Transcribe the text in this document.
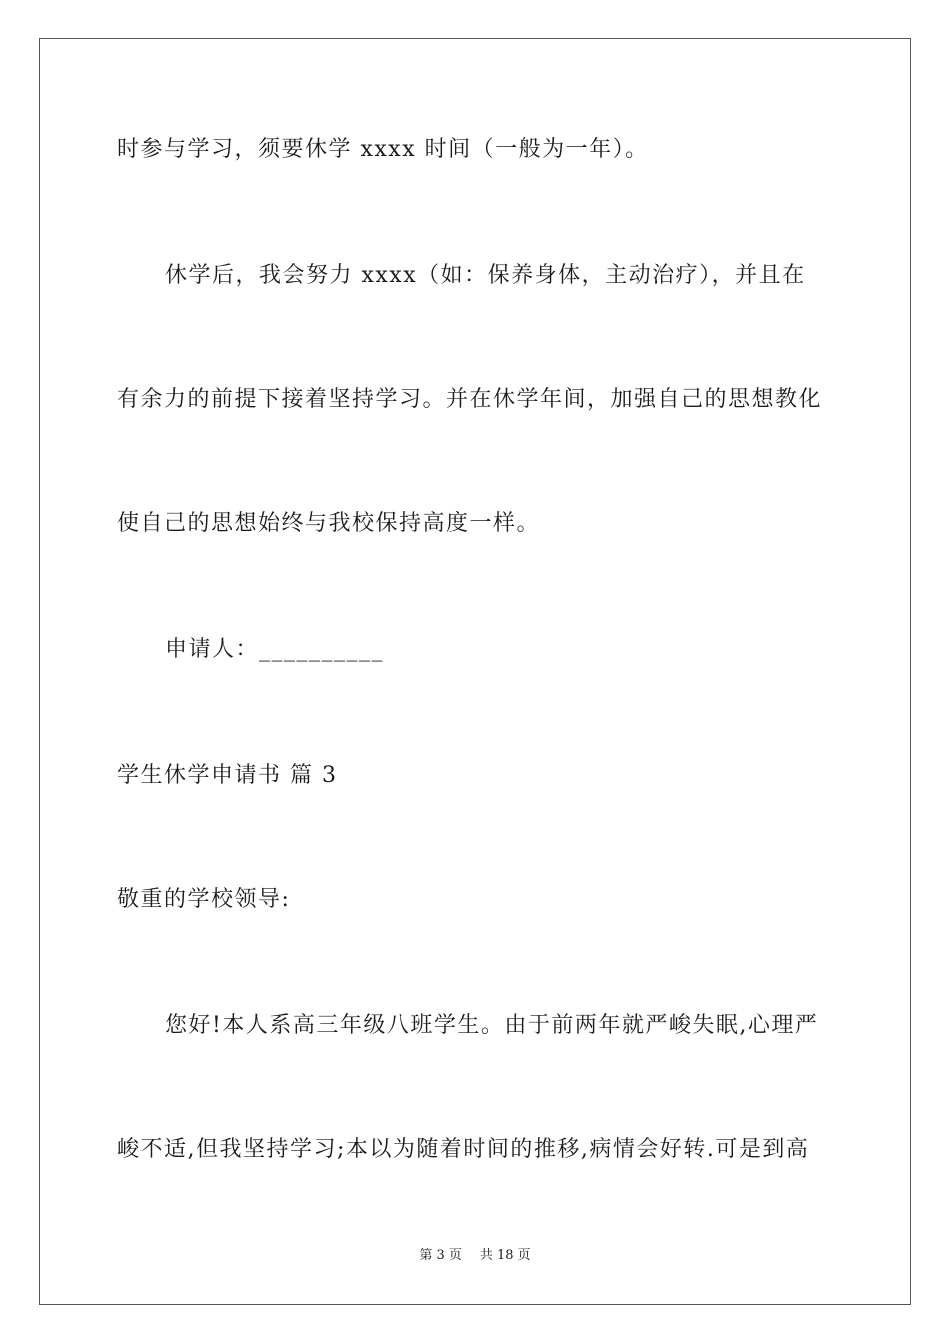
时参与学习，须要休学 xxxx 时间（一般为一年）。
休学后，我会努力 xxxx（如：保养身体，主动治疗），并且在
有余力的前提下接着坚持学习。并在休学年间，加强自己的思想教化
使自己的思想始终与我校保持高度一样。
申请人：__________
学生休学申请书 篇 3
敬重的学校领导:
您好!本人系高三年级八班学生。由于前两年就严峻失眠,心理严
峻不适,但我坚持学习;本以为随着时间的推移,病情会好转.可是到高
第 3 页 共 18 页
